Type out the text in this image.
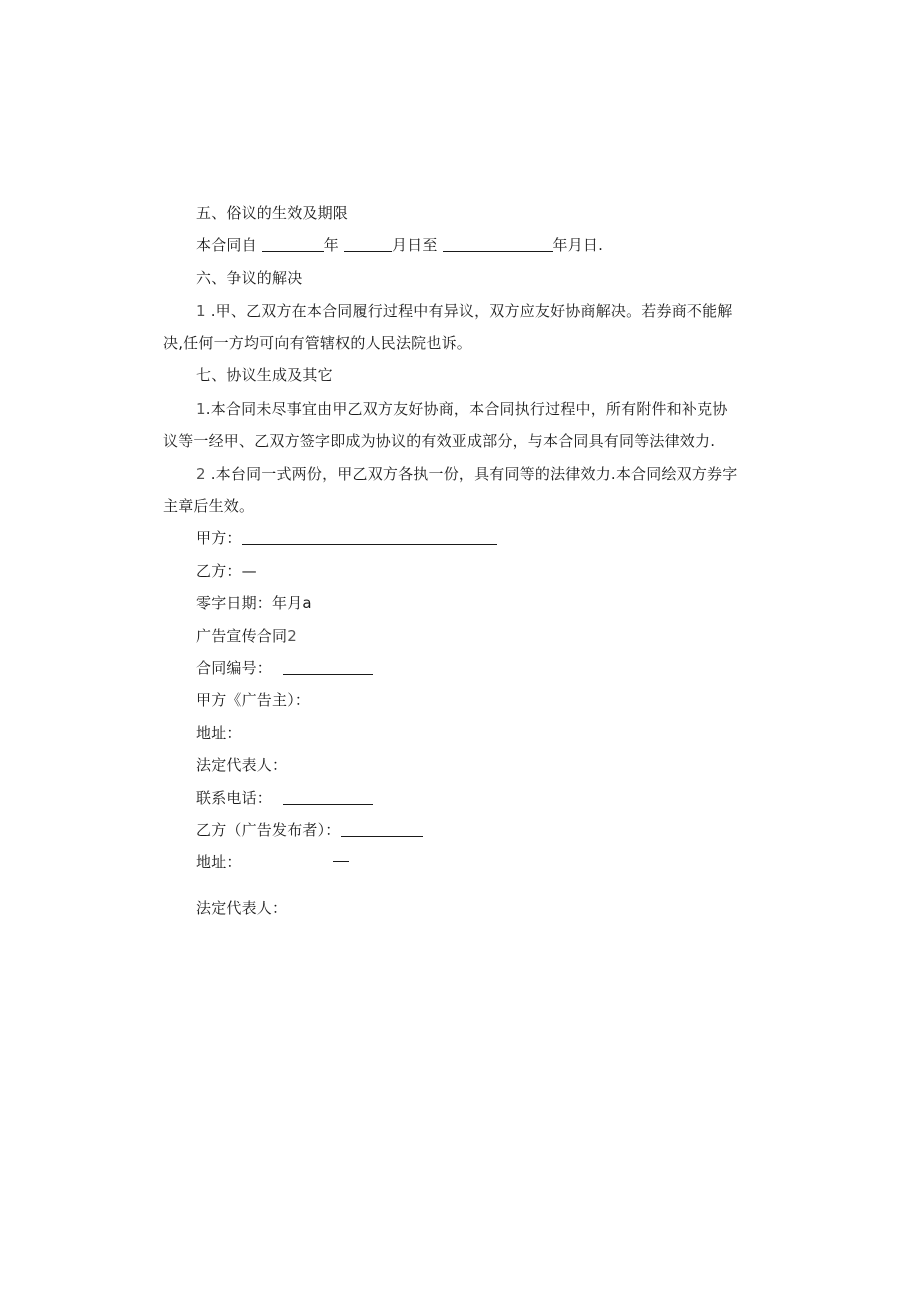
五、俗议的生效及期限
本合同自	年	月日至	年月日.
六、争议的解决
1 .甲、乙双方在本合同履行过程中有异议，双方应友好协商解决。若券商不能解
决,任何一方均可向有管辖权的人民法院也诉。
七、协议生成及其它
1.本合同未尽事宜由甲乙双方友好协商，本合同执行过程中，所有附件和补克协
议等一经甲、乙双方签字即成为协议的有效亚成部分，与本合同具有同等法律效力.
2 .本台同一式两份，甲乙双方各执一份，具有同等的法律效力.本合同绘双方券字
主章后生效。
甲方：
乙方：—
零字日期：年月a
广告宣传合同2
合同编号：
甲方《广告主）：
地址：
法定代表人：
联系电话：
乙方（广告发布者）：
地址：
法定代表人：
